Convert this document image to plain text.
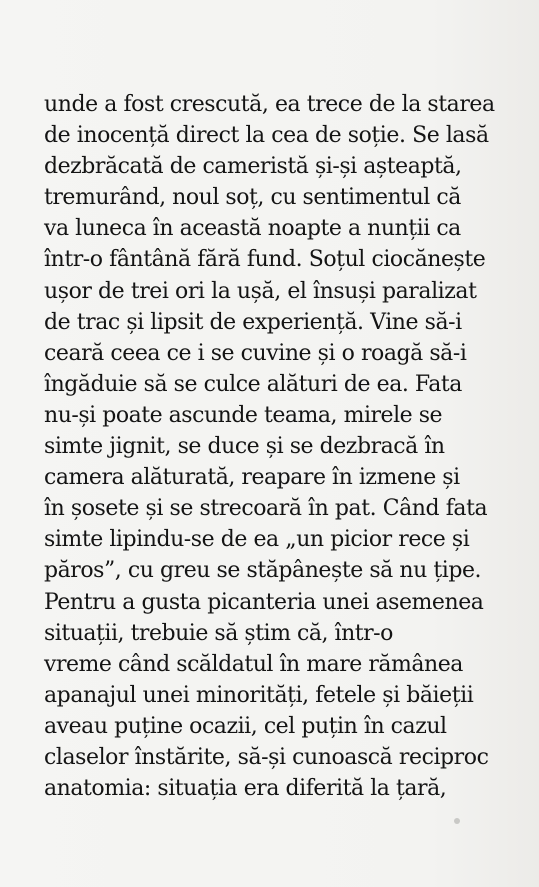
unde a fost crescută, ea trece de la starea
de inocență direct la cea de soție. Se lasă
dezbrăcată de cameristă și-și așteaptă,
tremurând, noul soț, cu sentimentul că
va luneca în această noapte a nunții ca
într-o fântână fără fund. Soțul ciocănește
ușor de trei ori la ușă, el însuși paralizat
de trac și lipsit de experiență. Vine să-i
ceară ceea ce i se cuvine și o roagă să-i
îngăduie să se culce alături de ea. Fata
nu-și poate ascunde teama, mirele se
simte jignit, se duce și se dezbracă în
camera alăturată, reapare în izmene și
în șosete și se strecoară în pat. Când fata
simte lipindu-se de ea „un picior rece și
păros”, cu greu se stăpânește să nu țipe.
Pentru a gusta picanteria unei asemenea
situații, trebuie să știm că, într-o
vreme când scăldatul în mare rămânea
apanajul unei minorități, fetele și băieții
aveau puține ocazii, cel puțin în cazul
claselor înstărite, să-și cunoască reciproc
anatomia: situația era diferită la țară,
